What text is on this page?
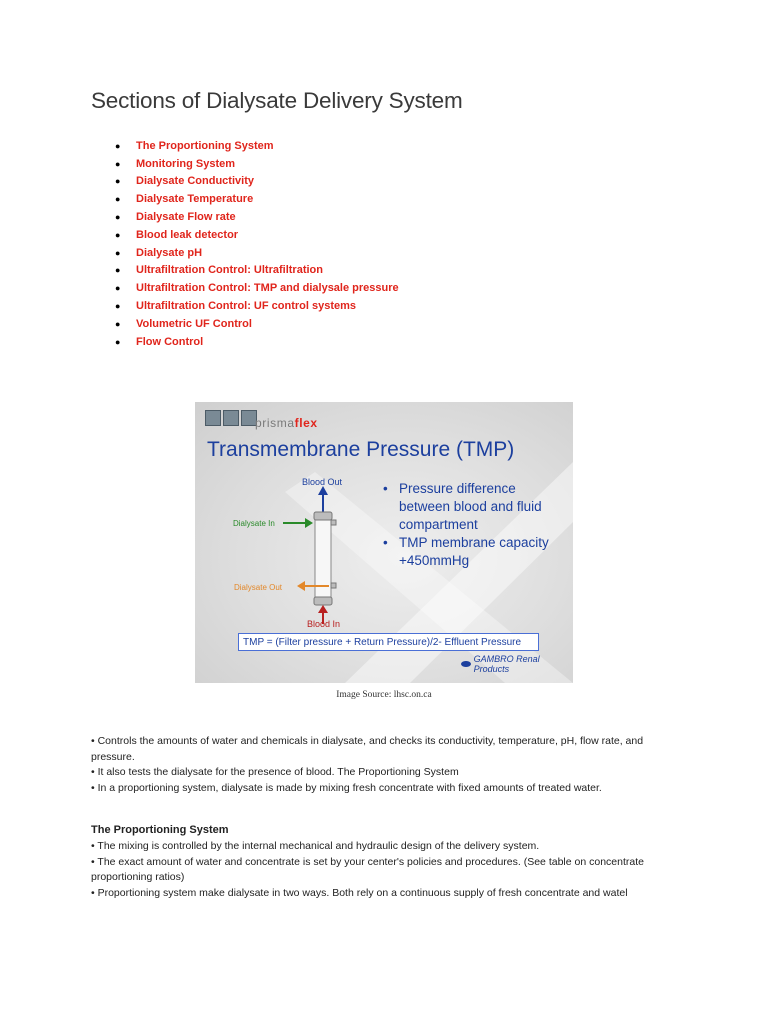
Sections of Dialysate Delivery System
●	The Proportioning System
●	Monitoring System
●	Dialysate Conductivity
●	Dialysate Temperature
●	Dialysate Flow rate
●	Blood leak detector
●	Dialysate pH
●	Ultrafiltration Control: Ultrafiltration
●	Ultrafiltration Control: TMP and dialysale pressure
●	Ultrafiltration Control: UF control systems
●	Volumetric UF Control
●	Flow Control
prismaflex
Transmembrane Pressure (TMP)
Blood Out
Dialysate In
Dialysate Out
Blood In
• Pressure difference between blood and fluid compartment
• TMP membrane capacity +450mmHg
TMP = (Filter pressure + Return Pressure)/2- Effluent Pressure
GAMBRO Renal Products
Image Source: lhsc.on.ca

• Controls the amounts of water and chemicals in dialysate, and checks its conductivity, temperature, pH, flow rate, and pressure.

• It also tests the dialysate for the presence of blood. The Proportioning System

• In a proportioning system, dialysate is made by mixing fresh concentrate with fixed amounts of treated water.

The Proportioning System

• The mixing is controlled by the internal mechanical and hydraulic design of the delivery system.

• The exact amount of water and concentrate is set by your center's policies and procedures. (See table on concentrate proportioning ratios)

• Proportioning system make dialysate in two ways. Both rely on a continuous supply of fresh concentrate and watel
